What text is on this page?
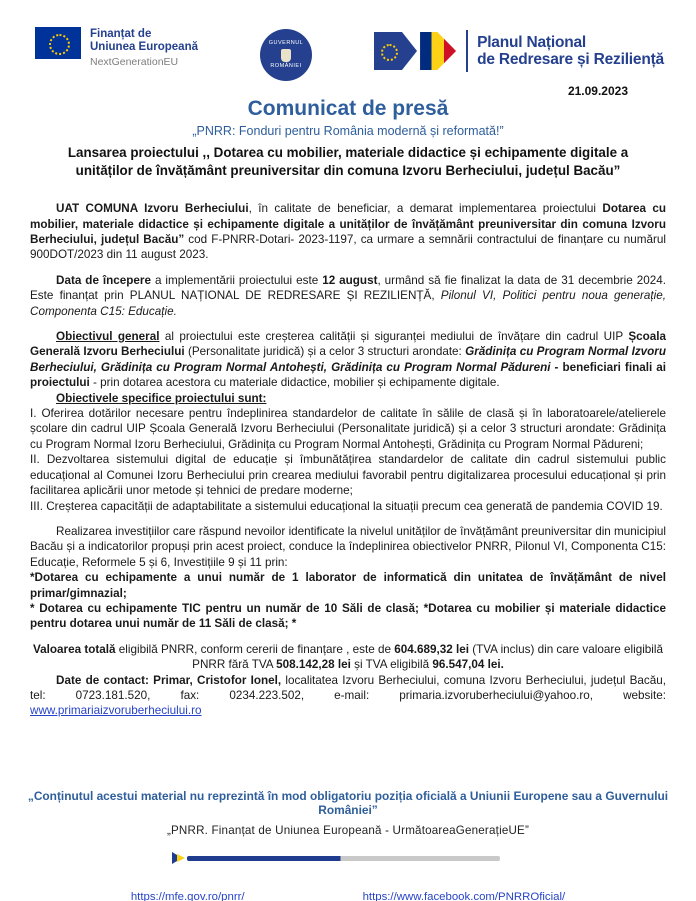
Finanțat de
Uniunea Europeană
NextGenerationEU
GUVERNUL
ROMÂNIEI
Planul Național
de Redresare și Reziliență
21.09.2023
Comunicat de presă
„PNRR: Fonduri pentru România modernă și reformată!”
Lansarea proiectului ,, Dotarea cu mobilier, materiale didactice și echipamente digitale a unităților de învățământ preuniversitar din comuna Izvoru Berheciului, județul Bacău”

UAT COMUNA Izvoru Berheciului, în calitate de beneficiar, a demarat implementarea proiectului Dotarea cu mobilier, materiale didactice și echipamente digitale a unităților de învățământ preuniversitar din comuna Izvoru Berheciului, județul Bacău” cod F-PNRR-Dotari- 2023-1197, ca urmare a semnării contractului de finanțare cu numărul 900DOT/2023 din 11 august 2023.

Data de începere a implementării proiectului este 12 august, urmând să fie finalizat la data de 31 decembrie 2024. Este finanțat prin PLANUL NAȚIONAL DE REDRESARE ȘI REZILIENȚĂ, Pilonul VI, Politici pentru noua generație, Componenta C15: Educație.

Obiectivul general al proiectului este creșterea calității și siguranței mediului de învățare din cadrul UIP Școala Generală Izvoru Berheciului (Personalitate juridică) și a celor 3 structuri arondate: Grădinița cu Program Normal Izvoru Berheciului, Grădinița cu Program Normal Antohești, Grădinița cu Program Normal Pădureni - beneficiari finali ai proiectului - prin dotarea acestora cu materiale didactice, mobilier și echipamente digitale.

Obiectivele specifice proiectului sunt:

I. Oferirea dotărilor necesare pentru îndeplinirea standardelor de calitate în sălile de clasă și în laboratoarele/atelierele școlare din cadrul UIP Școala Generală Izvoru Berheciului (Personalitate juridică) și a celor 3 structuri arondate: Grădinița cu Program Normal Izoru Berheciului, Grădinița cu Program Normal Antohești, Grădinița cu Program Normal Pădureni;

II. Dezvoltarea sistemului digital de educație și îmbunătățirea standardelor de calitate din cadrul sistemului public educațional al Comunei Izoru Berheciului prin crearea mediului favorabil pentru digitalizarea procesului educațional și prin facilitarea aplicării unor metode și tehnici de predare moderne;

III. Creșterea capacității de adaptabilitate a sistemului educațional la situații precum cea generată de pandemia COVID 19.

Realizarea investițiilor care răspund nevoilor identificate la nivelul unităților de învățământ preuniversitar din municipiul Bacău și a indicatorilor propuși prin acest proiect, conduce la îndeplinirea obiectivelor PNRR, Pilonul VI, Componenta C15: Educație, Reformele 5 și 6, Investițiile 9 și 11 prin:

*Dotarea cu echipamente a unui număr de 1 laborator de informatică din unitatea de învățământ de nivel primar/gimnazial;

* Dotarea cu echipamente TIC pentru un număr de 10 Săli de clasă; *Dotarea cu mobilier și materiale didactice pentru dotarea unui număr de 11 Săli de clasă; *

Valoarea totală eligibilă PNRR, conform cererii de finanțare , este de 604.689,32 lei (TVA inclus) din care valoare eligibilă PNRR fără TVA 508.142,28 lei și TVA eligibilă 96.547,04 lei.

Date de contact: Primar, Cristofor Ionel, localitatea Izvoru Berheciului, comuna Izvoru Berheciului, județul Bacău, tel: 0723.181.520, fax: 0234.223.502, e-mail: primaria.izvoruberheciului@yahoo.ro, website: www.primariaizvoruberheciului.ro

„Conținutul acestui material nu reprezintă în mod obligatoriu poziția oficială a Uniunii Europene sau a Guvernului României”
„PNRR. Finanțat de Uniunea Europeană - UrmătoareaGenerațieUE”
https://mfe.gov.ro/pnrr/	https://www.facebook.com/PNRROficial/
